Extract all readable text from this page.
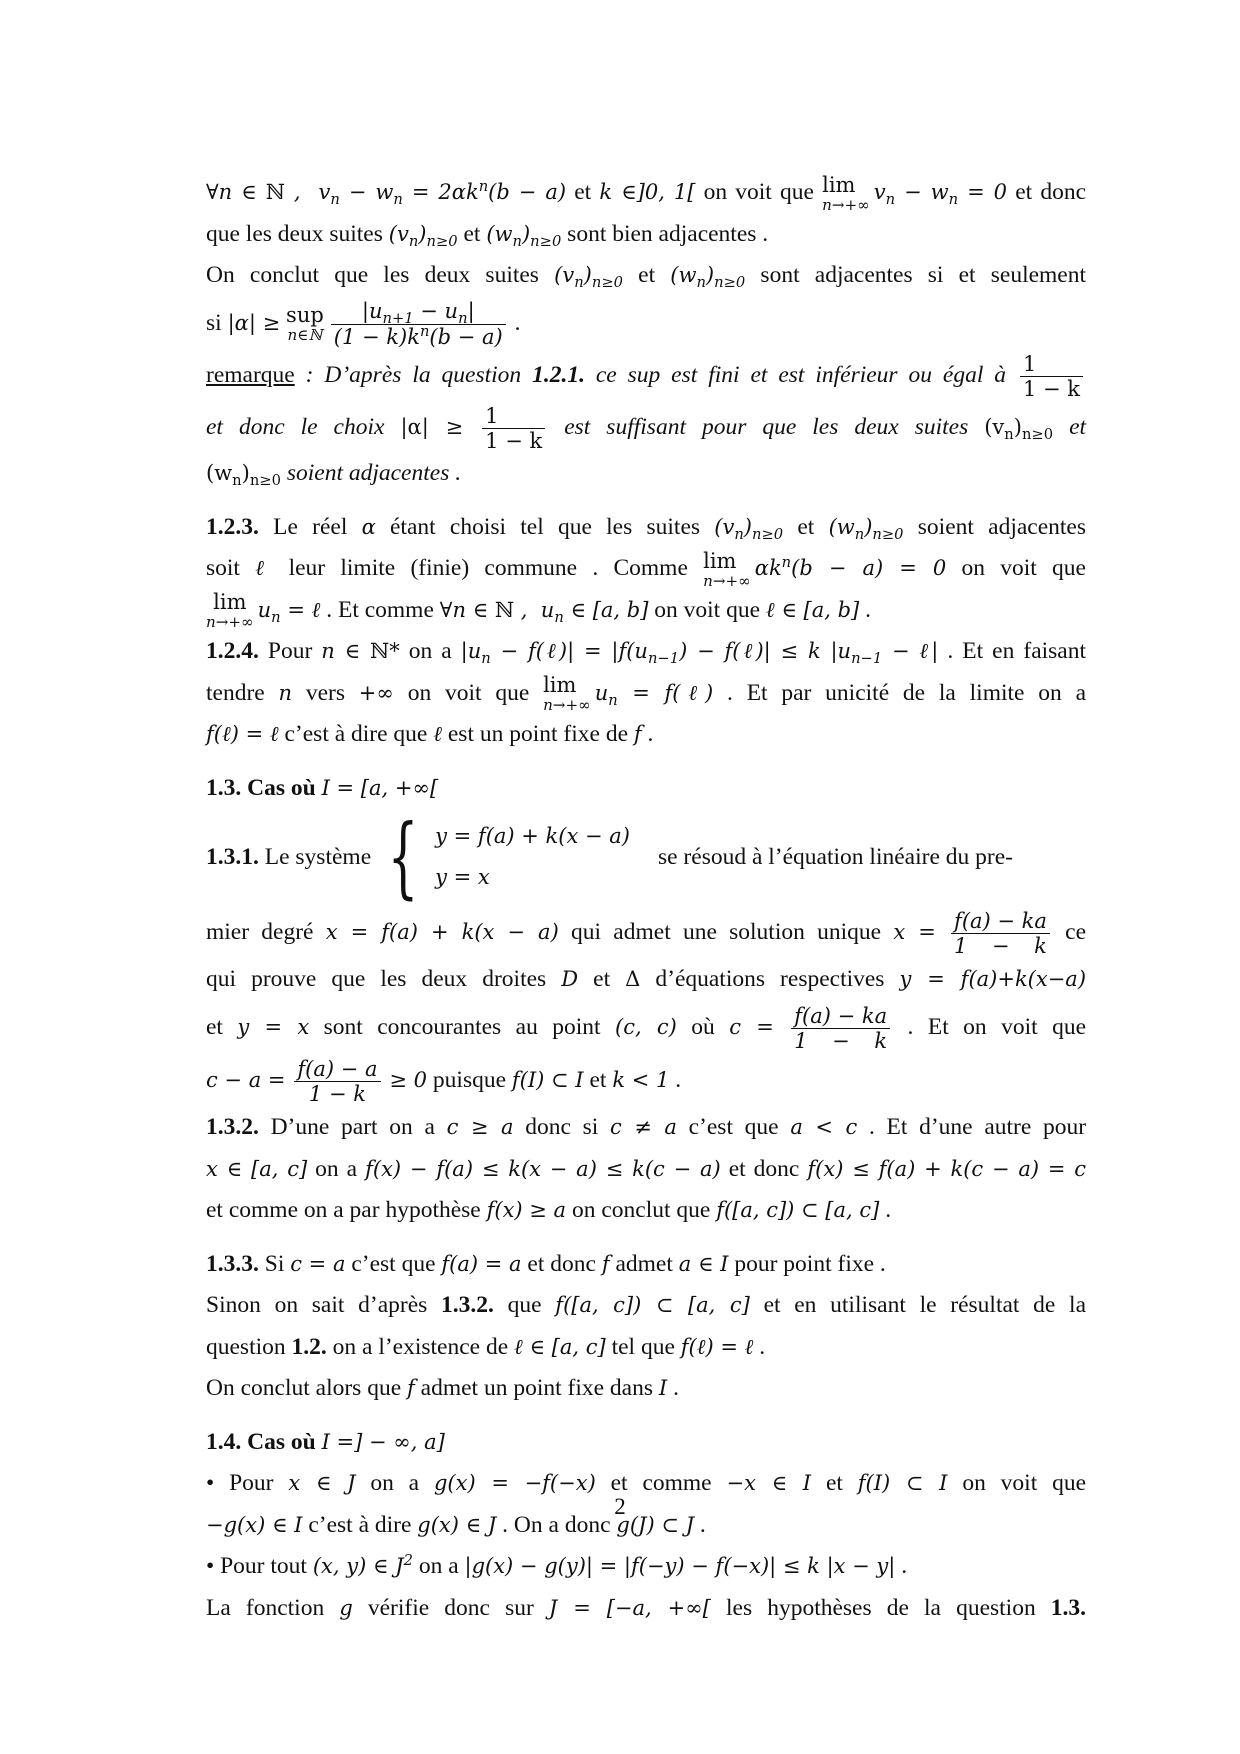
∀n ∈ ℕ ,  $v_n - w_n = 2\alpha k^n(b - a)$ et k ∈]0, 1[ on voit que lim
n→+∞
$v_n - w_n = 0$ et donc

que les deux suites $(v_n)_{n\ge 0}$ et $(w_n)_{n\ge 0}$ sont bien adjacentes .

On conclut que les deux suites $(v_n)_{n\ge 0}$ et $(w_n)_{n\ge 0}$ sont adjacentes si et seulement

si |α| ≥ sup
n∈ℕ $\frac{|u_{n+1} - u_n|}{(1 - k)k^n(b - a)}$ .

remarque : D’après la question 1.2.1. ce sup est fini et est inférieur ou égal à $\frac{1}{1 - k}$

et donc le choix $|\alpha| \ge \frac{1}{1 - k}$ est suffisant pour que les deux suites $(v_n)_{n\ge 0}$ et

$(w_n)_{n\ge 0}$ soient adjacentes .

1.2.3. Le réel α étant choisi tel que les suites $(v_n)_{n\ge 0}$ et $(w_n)_{n\ge 0}$ soient adjacentes

soit ℓ leur limite (finie) commune . Comme lim
n→+∞
$\alpha k^n(b - a) = 0$ on voit que

lim
n→+∞
$u_n$ = ℓ . Et comme ∀n ∈ ℕ ,  $u_n$ ∈ [a, b] on voit que ℓ ∈ [a, b] .

1.2.4. Pour n ∈ ℕ* on a $|u_n$ − f(ℓ)| = $|f(u_{n-1})$ − f(ℓ)| ≤ k $|u_{n-1}$ − ℓ| . Et en faisant

tendre n vers +∞ on voit que lim
n→+∞
$u_n$ = f(ℓ) . Et par unicité de la limite on a

f(ℓ) = ℓ c’est à dire que ℓ est un point fixe de f .

1.3. Cas où I = [a, +∞[

1.3.1. Le système { y = f(a) + k(x − a)
y = x
se résoud à l’équation linéaire du pre-

mier degré x = f(a) + k(x − a) qui admet une solution unique $x = \frac{f(a) - ka}{1 - k}$ ce

qui prouve que les deux droites D et Δ d’équations respectives y = f(a)+k(x−a)

et y = x sont concourantes au point (c, c) où $c = \frac{f(a) - ka}{1 - k}$ . Et on voit que

$c - a = \frac{f(a) - a}{1 - k} \ge 0$ puisque f(I) ⊂ I et k < 1 .

1.3.2. D’une part on a c ≥ a donc si c ≠ a c’est que a < c . Et d’une autre pour

x ∈ [a, c] on a f(x) − f(a) ≤ k(x − a) ≤ k(c − a) et donc f(x) ≤ f(a) + k(c − a) = c

et comme on a par hypothèse f(x) ≥ a on conclut que f([a, c]) ⊂ [a, c] .

1.3.3. Si c = a c’est que f(a) = a et donc f admet a ∈ I pour point fixe .

Sinon on sait d’après 1.3.2. que f([a, c]) ⊂ [a, c] et en utilisant le résultat de la

question 1.2. on a l’existence de ℓ ∈ [a, c] tel que f(ℓ) = ℓ .

On conclut alors que f admet un point fixe dans I .

1.4. Cas où I =] − ∞, a]

• Pour x ∈ J on a g(x) = −f(−x) et comme −x ∈ I et f(I) ⊂ I on voit que

−g(x) ∈ I c’est à dire g(x) ∈ J . On a donc g(J) ⊂ J .

• Pour tout (x, y) ∈ $J^2$ on a |g(x) − g(y)| = |f(−y) − f(−x)| ≤ k |x − y| .

La fonction g vérifie donc sur J = [−a, +∞[ les hypothèses de la question 1.3.

2
